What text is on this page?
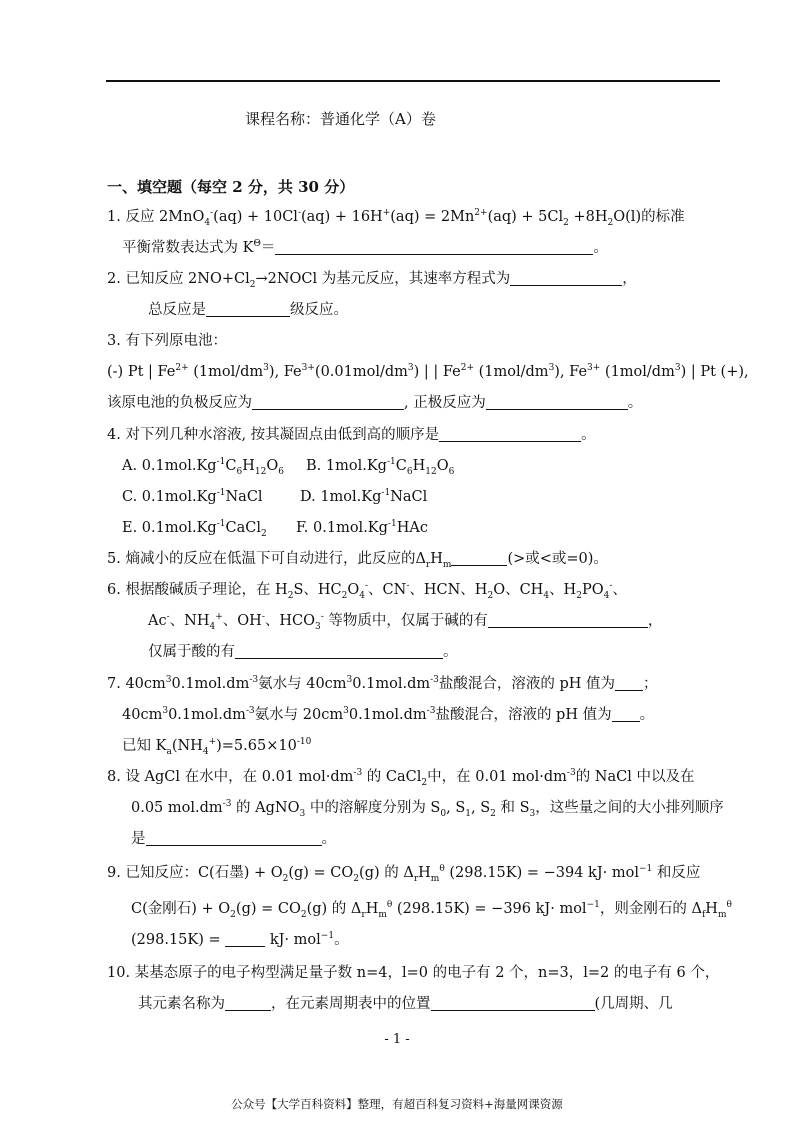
课程名称：普通化学（A）卷
一、填空题（每空 2 分，共 30 分）
1. 反应 $2MnO_4^-(aq) + 10Cl^-(aq) + 16H^+(aq) = 2Mn^{2+}(aq) + 5Cl_2 +8H_2O(l)$的标准
平衡常数表达式为 $K^\Theta=$	。
2. 已知反应 $2NO+Cl_2\to 2NOCl$ 为基元反应，其速率方程式为	，
总反应是	级反应。
3. 有下列原电池：
(-) Pt | $Fe^{2+}$ $(1mol/dm^3)$, $Fe^{3+}(0.01mol/dm^3)$ | | $Fe^{2+}$ $(1mol/dm^3)$, $Fe^{3+}$ $(1mol/dm^3)$ | Pt (+),
该原电池的负极反应为	, 正极反应为	。
4. 对下列几种水溶液, 按其凝固点由低到高的顺序是	。
A. $0.1mol.Kg^{-1}C_6H_{12}O_6$ B. $1mol.Kg^{-1}C_6H_{12}O_6$
C. $0.1mol.Kg^{-1}NaCl$	D. $1mol.Kg^{-1}NaCl$
E. $0.1mol.Kg^{-1}CaCl_2$ F. $0.1mol.Kg^{-1}HAc$
5. 熵减小的反应在低温下可自动进行，此反应的$\Delta_rH_m$	(>或<或=0)。
6. 根据酸碱质子理论，在 $H_2S$、$HC_2O_4^-$、CN-、HCN、$H_2O$、$CH_4$、$H_2PO_4^-$、
Ac-、$NH_4^+$、OH-、$HCO_3^-$ 等物质中，仅属于碱的有	，
仅属于酸的有	。
7. $40cm^30.1mol.dm^{-3}$氨水与 $40cm^30.1mol.dm^{-3}$盐酸混合，溶液的 pH 值为 ；
$40cm^30.1mol.dm^{-3}$氨水与 $20cm^30.1mol.dm^{-3}$盐酸混合，溶液的 pH 值为 。
已知 $K_a(NH_4^+)=5.65\times 10^{-10}$
8. 设 AgCl 在水中，在 0.01 $mol\cdot dm^{-3}$ 的 CaCl$_2$中，在 0.01 $mol\cdot dm^{-3}$的 NaCl 中以及在
0.05 $mol.dm^{-3}$ 的 AgNO$_3$ 中的溶解度分别为 $S_0$, $S_1$, $S_2$ 和 $S_3$，这些量之间的大小排列顺序
是	。
9. 已知反应：C(石墨) + $O_2(g) = CO_2(g)$ 的 $\Delta_rH_m^\theta$ (298.15K) = −394 kJ· mol$^{-1}$ 和反应
C(金刚石) + $O_2(g) = CO_2(g)$ 的 $\Delta_rH_m^\theta$ (298.15K) = −396 kJ· mol$^{-1}$，则金刚石的 $\Delta_fH_m^\theta$
(298.15K) =	kJ· mol$^{-1}$。
10. 某基态原子的电子构型满足量子数 n=4，l=0 的电子有 2 个，n=3，l=2 的电子有 6 个，
其元素名称为	，在元素周期表中的位置	(几周期、几
- 1 -
公众号【大学百科资料】整理，有超百科复习资料+海量网课资源
